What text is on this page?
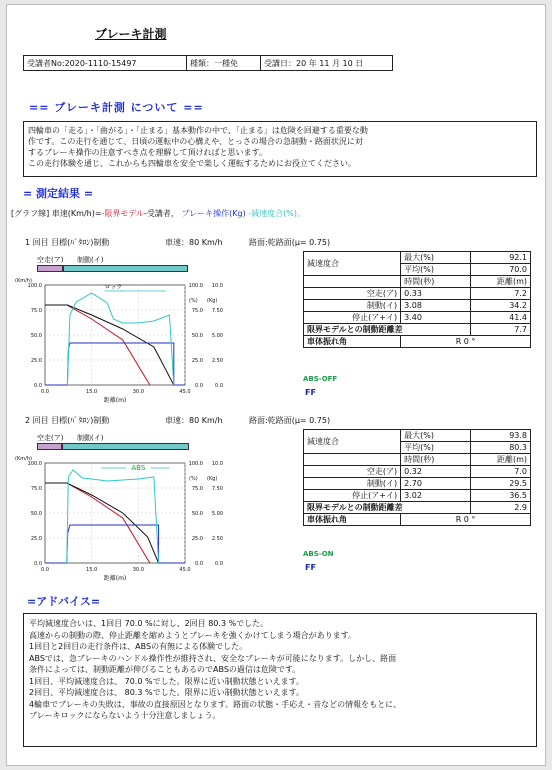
ブレーキ計測
受講者No:2020-1110-15497	種類：一種免	受講日：20 年 11 月 10 日
== ブレーキ計測 について ==
四輪車の「走る」・「曲がる」・「止まる」基本動作の中で、「止まる」は危険を回避する重要な動
作です。この走行を通じて、日頃の運転中の心構えや、とっさの場合の急制動・路面状況に対
するブレーキ操作の注意すべき点を理解して頂ければと思います。
この走行体験を通じ、これからも四輪車を安全で楽しく運転するためにお役立てください。
= 測定結果 =
[グラフ線] 車速(Km/h)=-限界モデル-受講者， ブレーキ操作(Kg) -減速度合(%)。
1 回目 目標(ﾊﾟﾀﾛﾝ)制動	車速：80 Km/h	路面:乾路面(μ= 0.75)
空走(ア) 制動(イ)
100.0
75.0
50.0
25.0
0.0
100.0
75.0
50.0
25.0
0.0
10.0
7.50
5.00
2.50
0.0
0.0	15.0	30.0	45.0
(Km/h)
(%) (Kg)
距離(m)
ロック
減速度合	最大(%)	92.1
	平均(%)	70.0
	時間(秒)	距離(m)
空走(ア)	0.33	7.2
制動(イ)	3.08	34.2
停止(ア+イ)	3.40	41.4
限界モデルとの制動距離差		7.7
車体振れ角	R 0 °	
ABS-OFF
FF
2 回目 目標(ﾊﾟﾀﾛﾝ)制動	車速：80 Km/h	路面:乾路面(μ= 0.75)
空走(ア) 制動(イ)
100.0
75.0
50.0
25.0
0.0
100.0
75.0
50.0
25.0
0.0
10.0
7.50
5.00
2.50
0.0
0.0	15.0	30.0	45.0
(Km/h)
(%) (Kg)
距離(m)
ABS
減速度合	最大(%)	93.8
	平均(%)	80.3
	時間(秒)	距離(m)
空走(ア)	0.32	7.0
制動(イ)	2.70	29.5
停止(ア+イ)	3.02	36.5
限界モデルとの制動距離差		2.9
車体振れ角	R 0 °	
ABS-ON
FF
=アドバイス=
平均減速度合いは、1回目 70.0 %に対し、2回目 80.3 %でした。
高速からの制動の際、停止距離を縮めようとブレーキを強くかけてしまう場合があります。
1回目と2回目の走行条件は、ABSの有無による体験でした。
ABSでは、急ブレーキのハンドル操作性が維持され、安全なブレーキが可能になります。しかし、路面
条件によっては、制動距離が伸びることもあるのでABSの過信は危険です。
1回目、平均減速度合は、 70.0 %でした。限界に近い制動状態といえます。
2回目、平均減速度合は、 80.3 %でした。限界に近い制動状態といえます。
4輪車でブレーキの失敗は、事故の直接原因となります。路面の状態・手応え・音などの情報をもとに、
ブレーキロックにならないよう十分注意しましょう。
